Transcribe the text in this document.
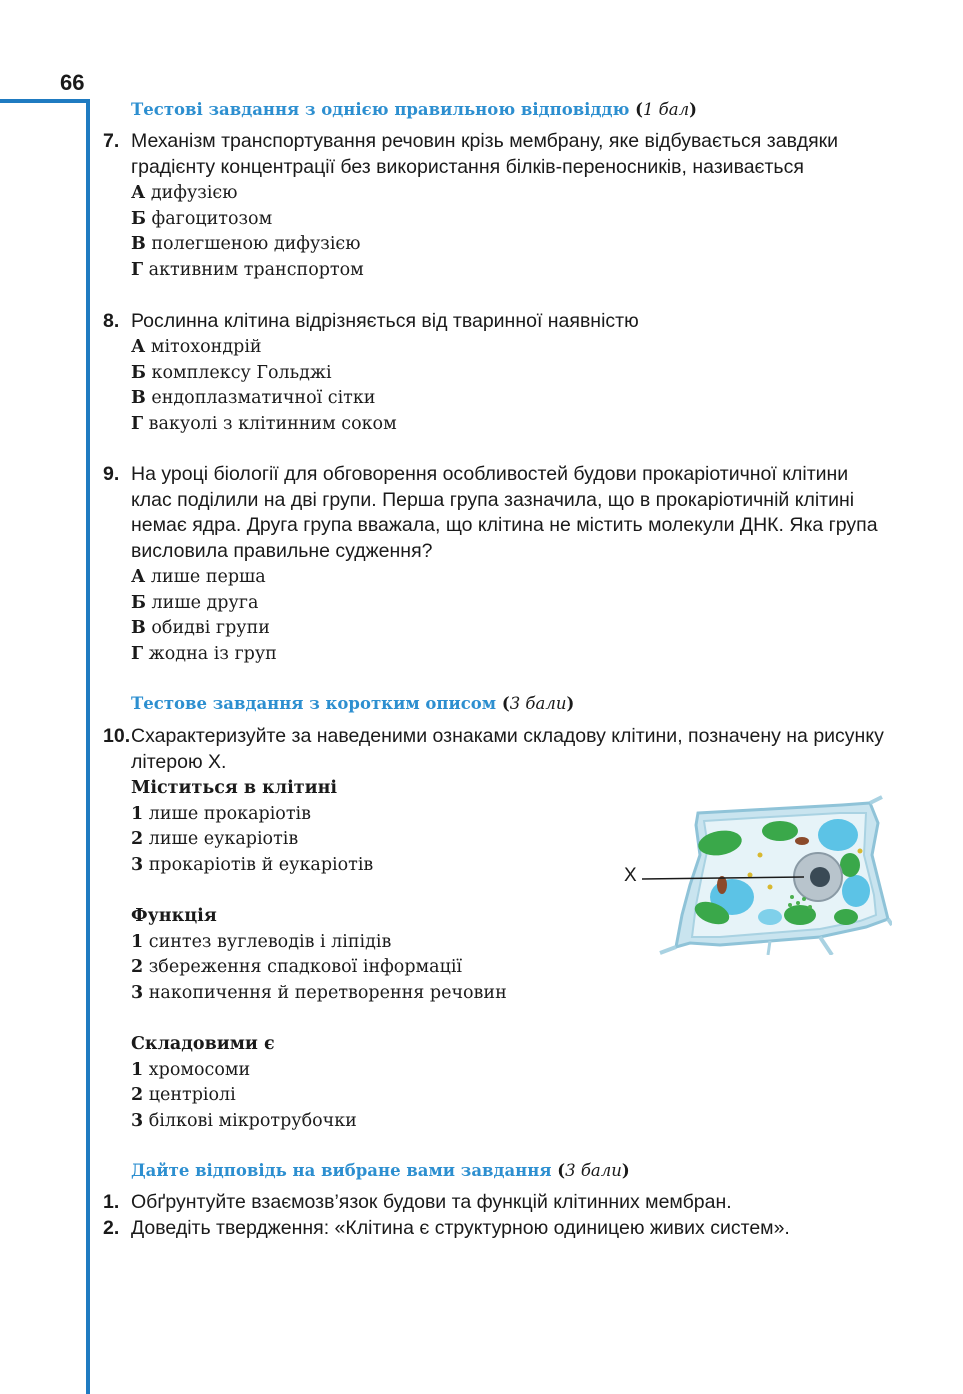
66
Тестові завдання з однією правильною відповіддю (1 бал)
7. Механізм транспортування речовин крізь мембрану, яке відбувається завдяки градієнту концентрації без використання білків-переносників, називається
А дифузією
Б фагоцитозом
В полегшеною дифузією
Г активним транспортом
8. Рослинна клітина відрізняється від тваринної наявністю
А мітохондрій
Б комплексу Гольджі
В ендоплазматичної сітки
Г вакуолі з клітинним соком
9. На уроці біології для обговорення особливостей будови прокаріотичної клітини клас поділили на дві групи. Перша група зазначила, що в прокаріотичній клітині немає ядра. Друга група вважала, що клітина не містить молекули ДНК. Яка група висловила правильне судження?
А лише перша
Б лише друга
В обидві групи
Г жодна із груп
Тестове завдання з коротким описом (3 бали)
10. Схарактеризуйте за наведеними ознаками складову клітини, позначену на рисунку літерою Х.
Міститься в клітині
1 лише прокаріотів
2 лише еукаріотів
3 прокаріотів й еукаріотів
Функція
1 синтез вуглеводів і ліпідів
2 збереження спадкової інформації
3 накопичення й перетворення речовин
Складовими є
1 хромосоми
2 центріолі
3 білкові мікротрубочки
Х
Дайте відповідь на вибране вами завдання (3 бали)
1. Обґрунтуйте взаємозв’язок будови та функцій клітинних мембран.
2. Доведіть твердження: «Клітина є структурною одиницею живих систем».
